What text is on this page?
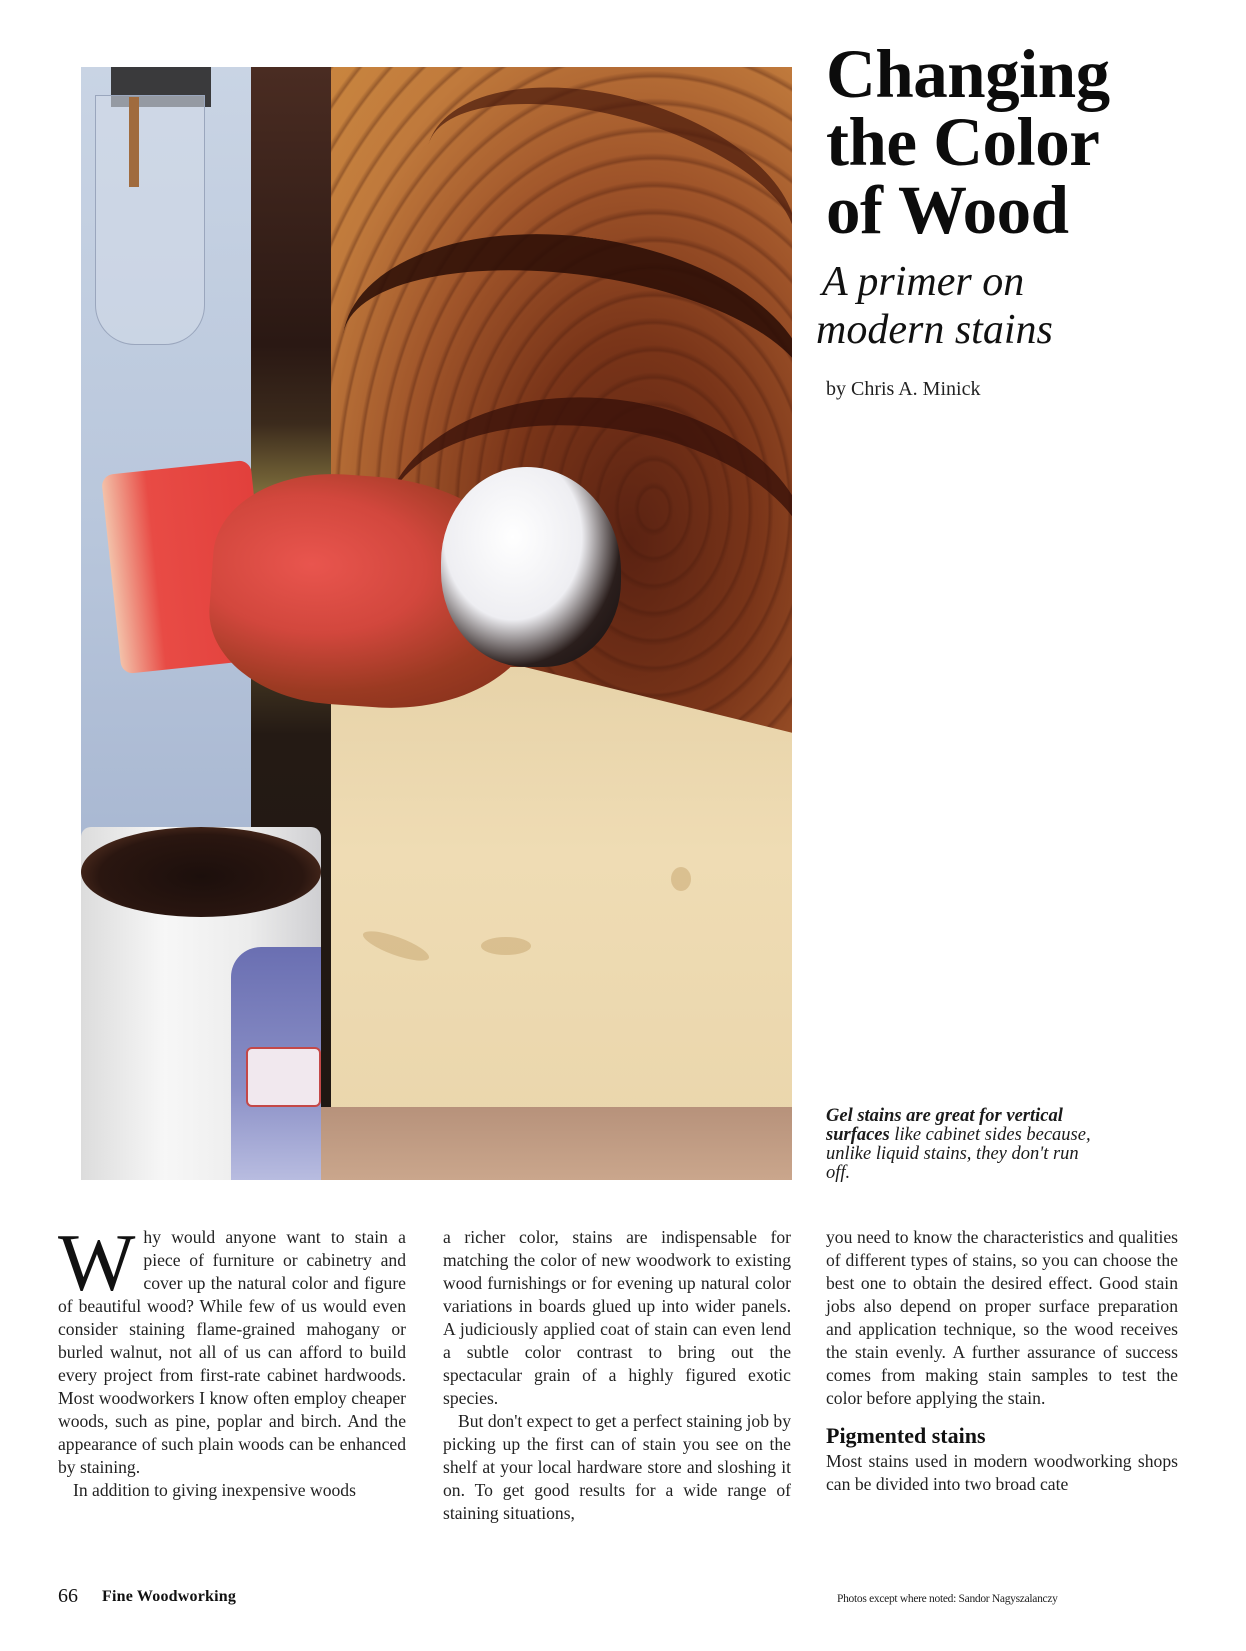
Changing
the Color
of Wood
A primer on
modern stains
by Chris A. Minick
Gel stains are great for vertical surfaces like cabinet sides because, unlike liquid stains, they don't run off.
W hy would anyone want to stain a piece of furniture or cabinetry and cover up the natural color and figure of beautiful wood? While few of us would even consider staining flame-grained mahogany or burled walnut, not all of us can afford to build every project from first-rate cabinet hardwoods. Most woodworkers I know often employ cheaper woods, such as pine, poplar and birch. And the appearance of such plain woods can be enhanced by staining.

In addition to giving inexpensive woods

a richer color, stains are indispensable for matching the color of new woodwork to existing wood furnishings or for evening up natural color variations in boards glued up into wider panels. A judiciously applied coat of stain can even lend a subtle color contrast to bring out the spectacular grain of a highly figured exotic species.

But don't expect to get a perfect staining job by picking up the first can of stain you see on the shelf at your local hardware store and sloshing it on. To get good results for a wide range of staining situations,

you need to know the characteristics and qualities of different types of stains, so you can choose the best one to obtain the desired effect. Good stain jobs also depend on proper surface preparation and application technique, so the wood receives the stain evenly. A further assurance of success comes from making stain samples to test the color before applying the stain.

Pigmented stains

Most stains used in modern woodworking shops can be divided into two broad cate

66 Fine Woodworking	Photos except where noted: Sandor Nagyszalanczy
